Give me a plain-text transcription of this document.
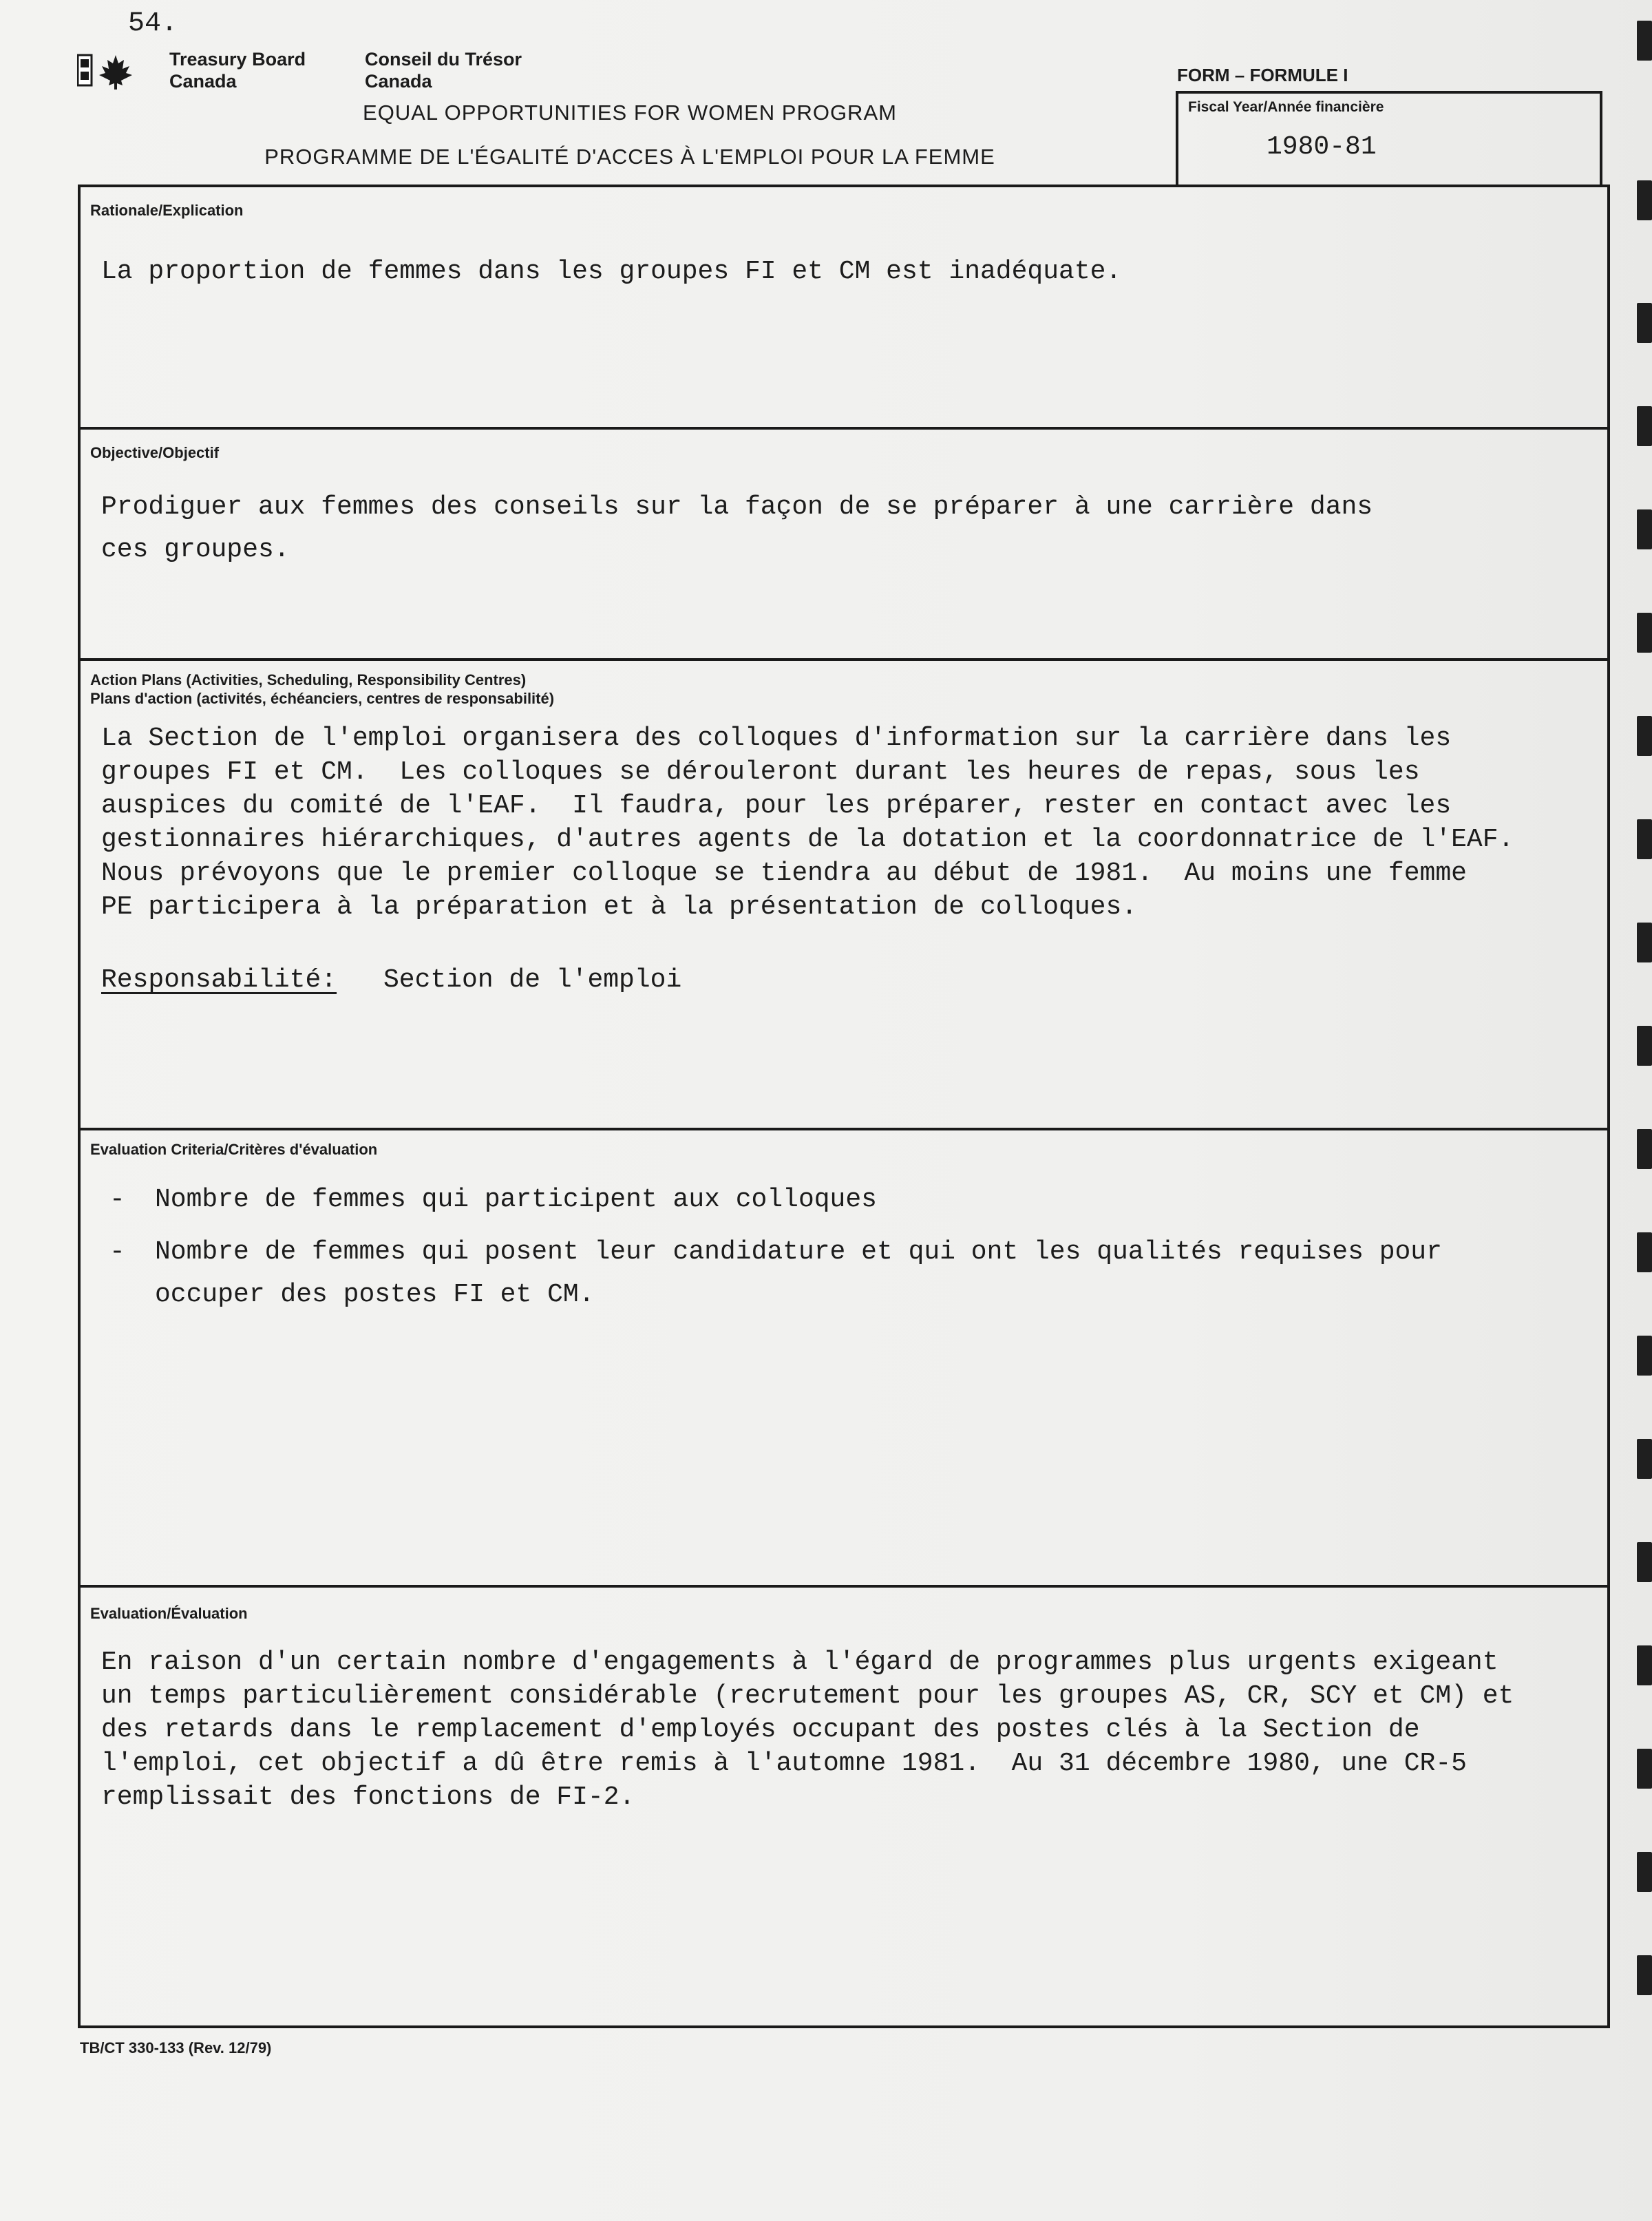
54.
Treasury Board
Canada
Conseil du Trésor
Canada
EQUAL OPPORTUNITIES FOR WOMEN PROGRAM
PROGRAMME DE L'ÉGALITÉ D'ACCES À L'EMPLOI POUR LA FEMME
FORM – FORMULE I
Fiscal Year/Année financière
1980-81
Rationale/Explication
La proportion de femmes dans les groupes FI et CM est inadéquate.
Objective/Objectif
Prodiguer aux femmes des conseils sur la façon de se préparer à une carrière dans
ces groupes.
Action Plans (Activities, Scheduling, Responsibility Centres)
Plans d'action (activités, échéanciers, centres de responsabilité)
La Section de l'emploi organisera des colloques d'information sur la carrière dans les
groupes FI et CM.  Les colloques se dérouleront durant les heures de repas, sous les
auspices du comité de l'EAF.  Il faudra, pour les préparer, rester en contact avec les
gestionnaires hiérarchiques, d'autres agents de la dotation et la coordonnatrice de l'EAF.
Nous prévoyons que le premier colloque se tiendra au début de 1981.  Au moins une femme
PE participera à la préparation et à la présentation de colloques.
Responsabilité: Section de l'emploi
Evaluation Criteria/Critères d'évaluation
- Nombre de femmes qui participent aux colloques
- Nombre de femmes qui posent leur candidature et qui ont les qualités requises pour
occuper des postes FI et CM.
Evaluation/Évaluation
En raison d'un certain nombre d'engagements à l'égard de programmes plus urgents exigeant
un temps particulièrement considérable (recrutement pour les groupes AS, CR, SCY et CM) et
des retards dans le remplacement d'employés occupant des postes clés à la Section de
l'emploi, cet objectif a dû être remis à l'automne 1981.  Au 31 décembre 1980, une CR-5
remplissait des fonctions de FI-2.
TB/CT 330-133 (Rev. 12/79)
